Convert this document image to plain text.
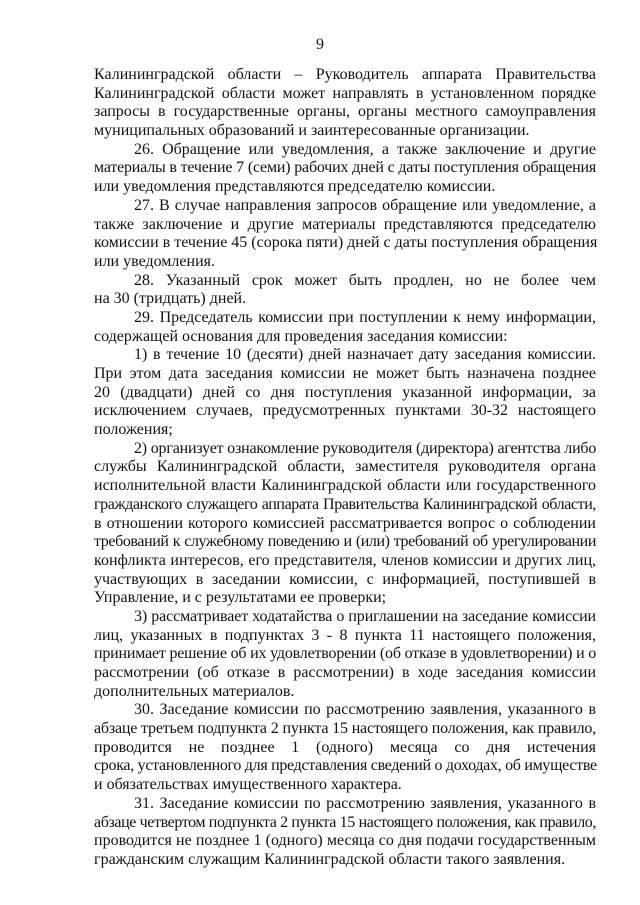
9
Калининградской области – Руководитель аппарата Правительства
Калининградской области может направлять в установленном порядке
запросы в государственные органы, органы местного самоуправления
муниципальных образований и заинтересованные организации.
26. Обращение или уведомления, а также заключение и другие
материалы в течение 7 (семи) рабочих дней с даты поступления обращения
или уведомления представляются председателю комиссии.
27. В случае направления запросов обращение или уведомление, а
также заключение и другие материалы представляются председателю
комиссии в течение 45 (сорока пяти) дней с даты поступления обращения
или уведомления.
28. Указанный срок может быть продлен, но не более чем
на 30 (тридцать) дней.
29. Председатель комиссии при поступлении к нему информации,
содержащей основания для проведения заседания комиссии:
1) в течение 10 (десяти) дней назначает дату заседания комиссии.
При этом дата заседания комиссии не может быть назначена позднее
20 (двадцати) дней со дня поступления указанной информации, за
исключением случаев, предусмотренных пунктами 30-32 настоящего
положения;
2) организует ознакомление руководителя (директора) агентства либо
службы Калининградской области, заместителя руководителя органа
исполнительной власти Калининградской области или государственного
гражданского служащего аппарата Правительства Калининградской области,
в отношении которого комиссией рассматривается вопрос о соблюдении
требований к служебному поведению и (или) требований об урегулировании
конфликта интересов, его представителя, членов комиссии и других лиц,
участвующих в заседании комиссии, с информацией, поступившей в
Управление, и с результатами ее проверки;
3) рассматривает ходатайства о приглашении на заседание комиссии
лиц, указанных в подпунктах 3 - 8 пункта 11 настоящего положения,
принимает решение об их удовлетворении (об отказе в удовлетворении) и о
рассмотрении (об отказе в рассмотрении) в ходе заседания комиссии
дополнительных материалов.
30. Заседание комиссии по рассмотрению заявления, указанного в
абзаце третьем подпункта 2 пункта 15 настоящего положения, как правило,
проводится не позднее 1 (одного) месяца со дня истечения
срока, установленного для представления сведений о доходах, об имуществе
и обязательствах имущественного характера.
31. Заседание комиссии по рассмотрению заявления, указанного в
абзаце четвертом подпункта 2 пункта 15 настоящего положения, как правило,
проводится не позднее 1 (одного) месяца со дня подачи государственным
гражданским служащим Калининградской области такого заявления.
